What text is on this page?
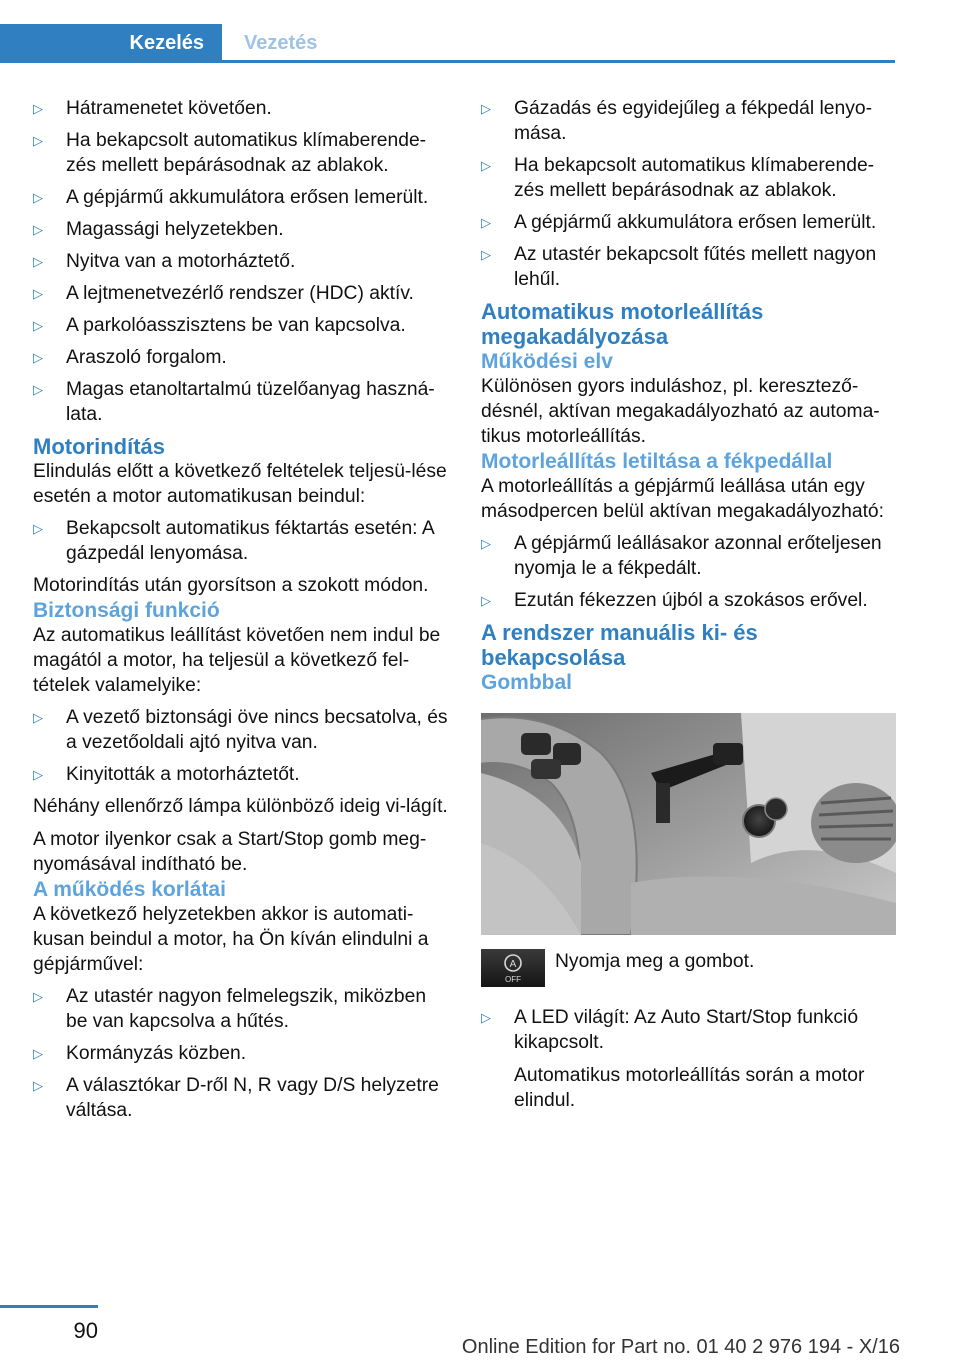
Kezelés	Vezetés
▷ Hátramenetet követően.
▷ Ha bekapcsolt automatikus klímaberende-zés mellett bepárásodnak az ablakok.
▷ A gépjármű akkumulátora erősen lemerült.
▷ Magassági helyzetekben.
▷ Nyitva van a motorháztető.
▷ A lejtmenetvezérlő rendszer (HDC) aktív.
▷ A parkolóasszisztens be van kapcsolva.
▷ Araszoló forgalom.
▷ Magas etanoltartalmú tüzelőanyag haszná-lata.
Motorindítás

Elindulás előtt a következő feltételek teljesü-lése esetén a motor automatikusan beindul:

▷ Bekapcsolt automatikus féktartás esetén: A gázpedál lenyomása.

Motorindítás után gyorsítson a szokott módon.

Biztonsági funkció

Az automatikus leállítást követően nem indul be magától a motor, ha teljesül a következő fel-tételek valamelyike:

▷ A vezető biztonsági öve nincs becsatolva, és a vezetőoldali ajtó nyitva van.
▷ Kinyitották a motorháztetőt.

Néhány ellenőrző lámpa különböző ideig vi-lágít.

A motor ilyenkor csak a Start/Stop gomb meg-nyomásával indítható be.

A működés korlátai

A következő helyzetekben akkor is automati-kusan beindul a motor, ha Ön kíván elindulni a gépjárművel:

▷ Az utastér nagyon felmelegszik, miközben be van kapcsolva a hűtés.
▷ Kormányzás közben.
▷ A választókar D-ről N, R vagy D/S helyzetre váltása.
▷ Gázadás és egyidejűleg a fékpedál lenyo-mása.
▷ Ha bekapcsolt automatikus klímaberende-zés mellett bepárásodnak az ablakok.
▷ A gépjármű akkumulátora erősen lemerült.
▷ Az utastér bekapcsolt fűtés mellett nagyon lehűl.
Automatikus motorleállítás megakadályozása
Működési elv

Különösen gyors induláshoz, pl. keresztező-désnél, aktívan megakadályozható az automa-tikus motorleállítás.

Motorleállítás letiltása a fékpedállal

A motorleállítás a gépjármű leállása után egy másodpercen belül aktívan megakadályozható:

▷ A gépjármű leállásakor azonnal erőteljesen nyomja le a fékpedált.
▷ Ezután fékezzen újból a szokásos erővel.
A rendszer manuális ki- és bekapcsolása
Gombbal
A
OFF
Nyomja meg a gombot.
▷ A LED világít: Az Auto Start/Stop funkció kikapcsolt.
Automatikus motorleállítás során a motor elindul.
90
Online Edition for Part no. 01 40 2 976 194 - X/16
